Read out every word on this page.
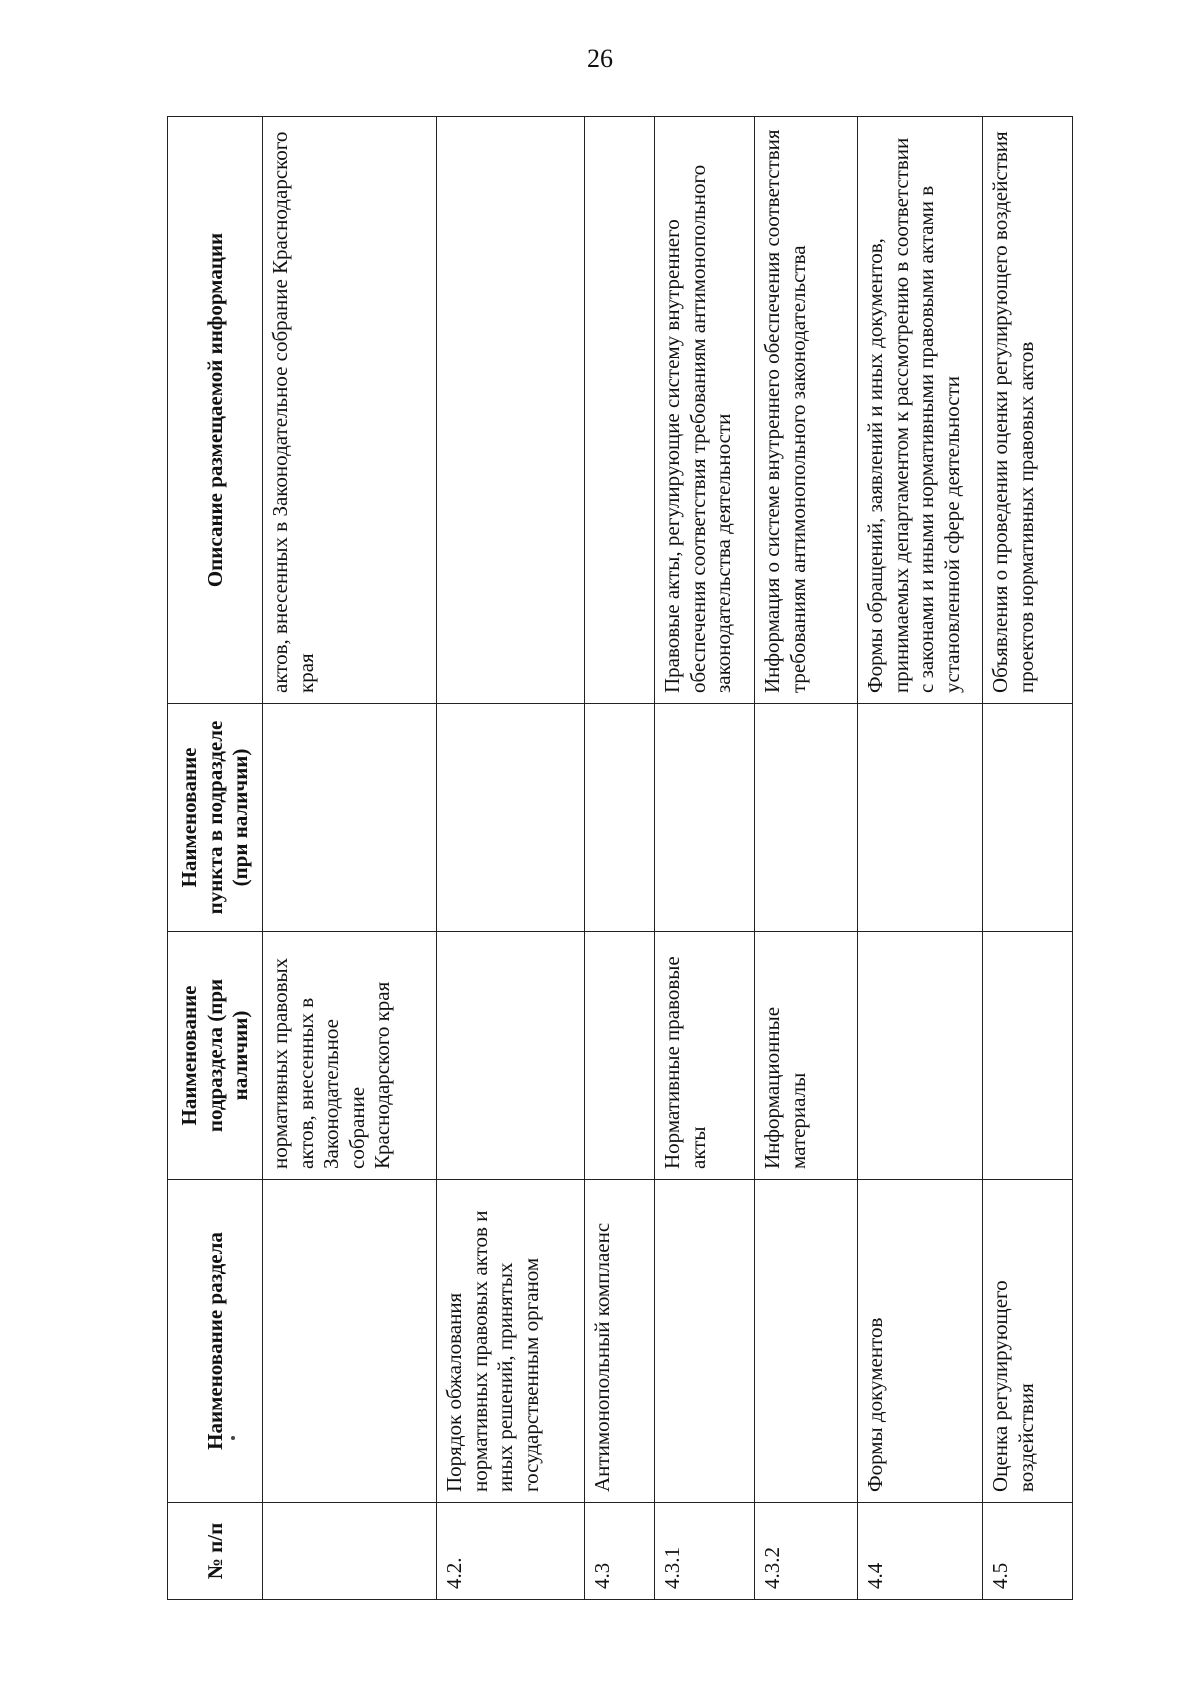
26
№ п/п	Наименование раздела	Наименование подраздела (при наличии)	Наименование пункта в подразделе (при наличии)	Описание размещаемой информации
		нормативных правовых актов, внесенных в Законодательное собрание Краснодарского края		актов, внесенных в Законодательное собрание Краснодарского края
4.2.	Порядок обжалования нормативных правовых актов и иных решений, принятых государственным органом			
4.3	Антимонопольный комплаенс			
4.3.1		Нормативные правовые акты		Правовые акты, регулирующие систему внутреннего обеспечения соответствия требованиям антимонопольного законодательства деятельности
4.3.2		Информационные материалы		Информация о системе внутреннего обеспечения соответствия требованиям антимонопольного законодательства
4.4	Формы документов			Формы обращений, заявлений и иных документов, принимаемых департаментом к рассмотрению в соответствии с законами и иными нормативными правовыми актами в установленной сфере деятельности
4.5	Оценка регулирующего воздействия			Объявления о проведении оценки регулирующего воздействия проектов нормативных правовых актов
